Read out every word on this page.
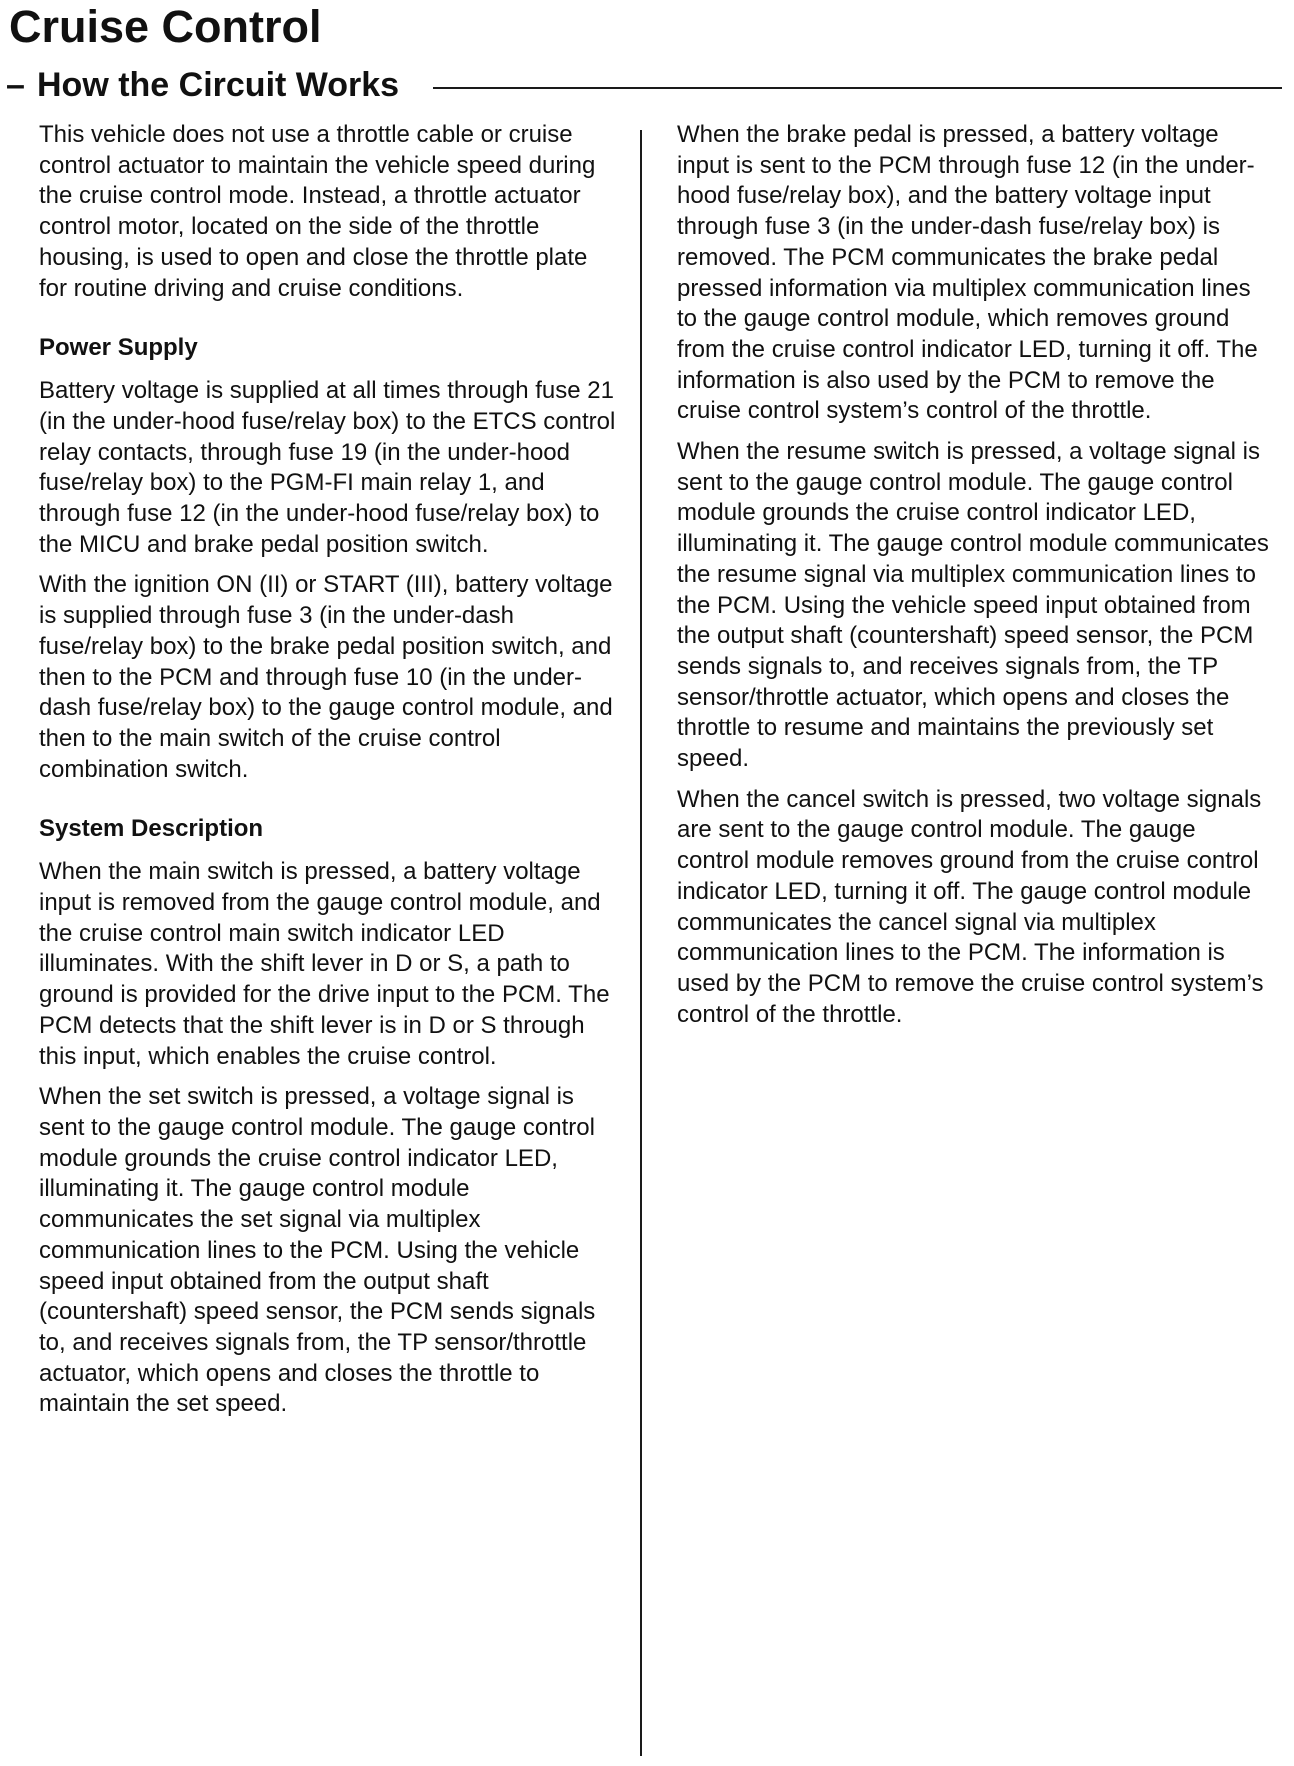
Cruise Control
– How the Circuit Works

This vehicle does not use a throttle cable or cruise control actuator to maintain the vehicle speed during the cruise control mode. Instead, a throttle actuator control motor, located on the side of the throttle housing, is used to open and close the throttle plate for routine driving and cruise conditions.

Power Supply

Battery voltage is supplied at all times through fuse 21 (in the under-hood fuse/relay box) to the ETCS control relay contacts, through fuse 19 (in the under-hood fuse/relay box) to the PGM-FI main relay 1, and through fuse 12 (in the under-hood fuse/relay box) to the MICU and brake pedal position switch.

With the ignition ON (II) or START (III), battery voltage is supplied through fuse 3 (in the under-dash fuse/relay box) to the brake pedal position switch, and then to the PCM and through fuse 10 (in the under-dash fuse/relay box) to the gauge control module, and then to the main switch of the cruise control combination switch.

System Description

When the main switch is pressed, a battery voltage input is removed from the gauge control module, and the cruise control main switch indicator LED illuminates. With the shift lever in D or S, a path to ground is provided for the drive input to the PCM. The PCM detects that the shift lever is in D or S through this input, which enables the cruise control.

When the set switch is pressed, a voltage signal is sent to the gauge control module. The gauge control module grounds the cruise control indicator LED, illuminating it. The gauge control module communicates the set signal via multiplex communication lines to the PCM. Using the vehicle speed input obtained from the output shaft (countershaft) speed sensor, the PCM sends signals to, and receives signals from, the TP sensor/throttle actuator, which opens and closes the throttle to maintain the set speed.

When the brake pedal is pressed, a battery voltage input is sent to the PCM through fuse 12 (in the under-hood fuse/relay box), and the battery voltage input through fuse 3 (in the under-dash fuse/relay box) is removed. The PCM communicates the brake pedal pressed information via multiplex communication lines to the gauge control module, which removes ground from the cruise control indicator LED, turning it off. The information is also used by the PCM to remove the cruise control system’s control of the throttle.

When the resume switch is pressed, a voltage signal is sent to the gauge control module. The gauge control module grounds the cruise control indicator LED, illuminating it. The gauge control module communicates the resume signal via multiplex communication lines to the PCM. Using the vehicle speed input obtained from the output shaft (countershaft) speed sensor, the PCM sends signals to, and receives signals from, the TP sensor/throttle actuator, which opens and closes the throttle to resume and maintains the previously set speed.

When the cancel switch is pressed, two voltage signals are sent to the gauge control module. The gauge control module removes ground from the cruise control indicator LED, turning it off. The gauge control module communicates the cancel signal via multiplex communication lines to the PCM. The information is used by the PCM to remove the cruise control system’s control of the throttle.
